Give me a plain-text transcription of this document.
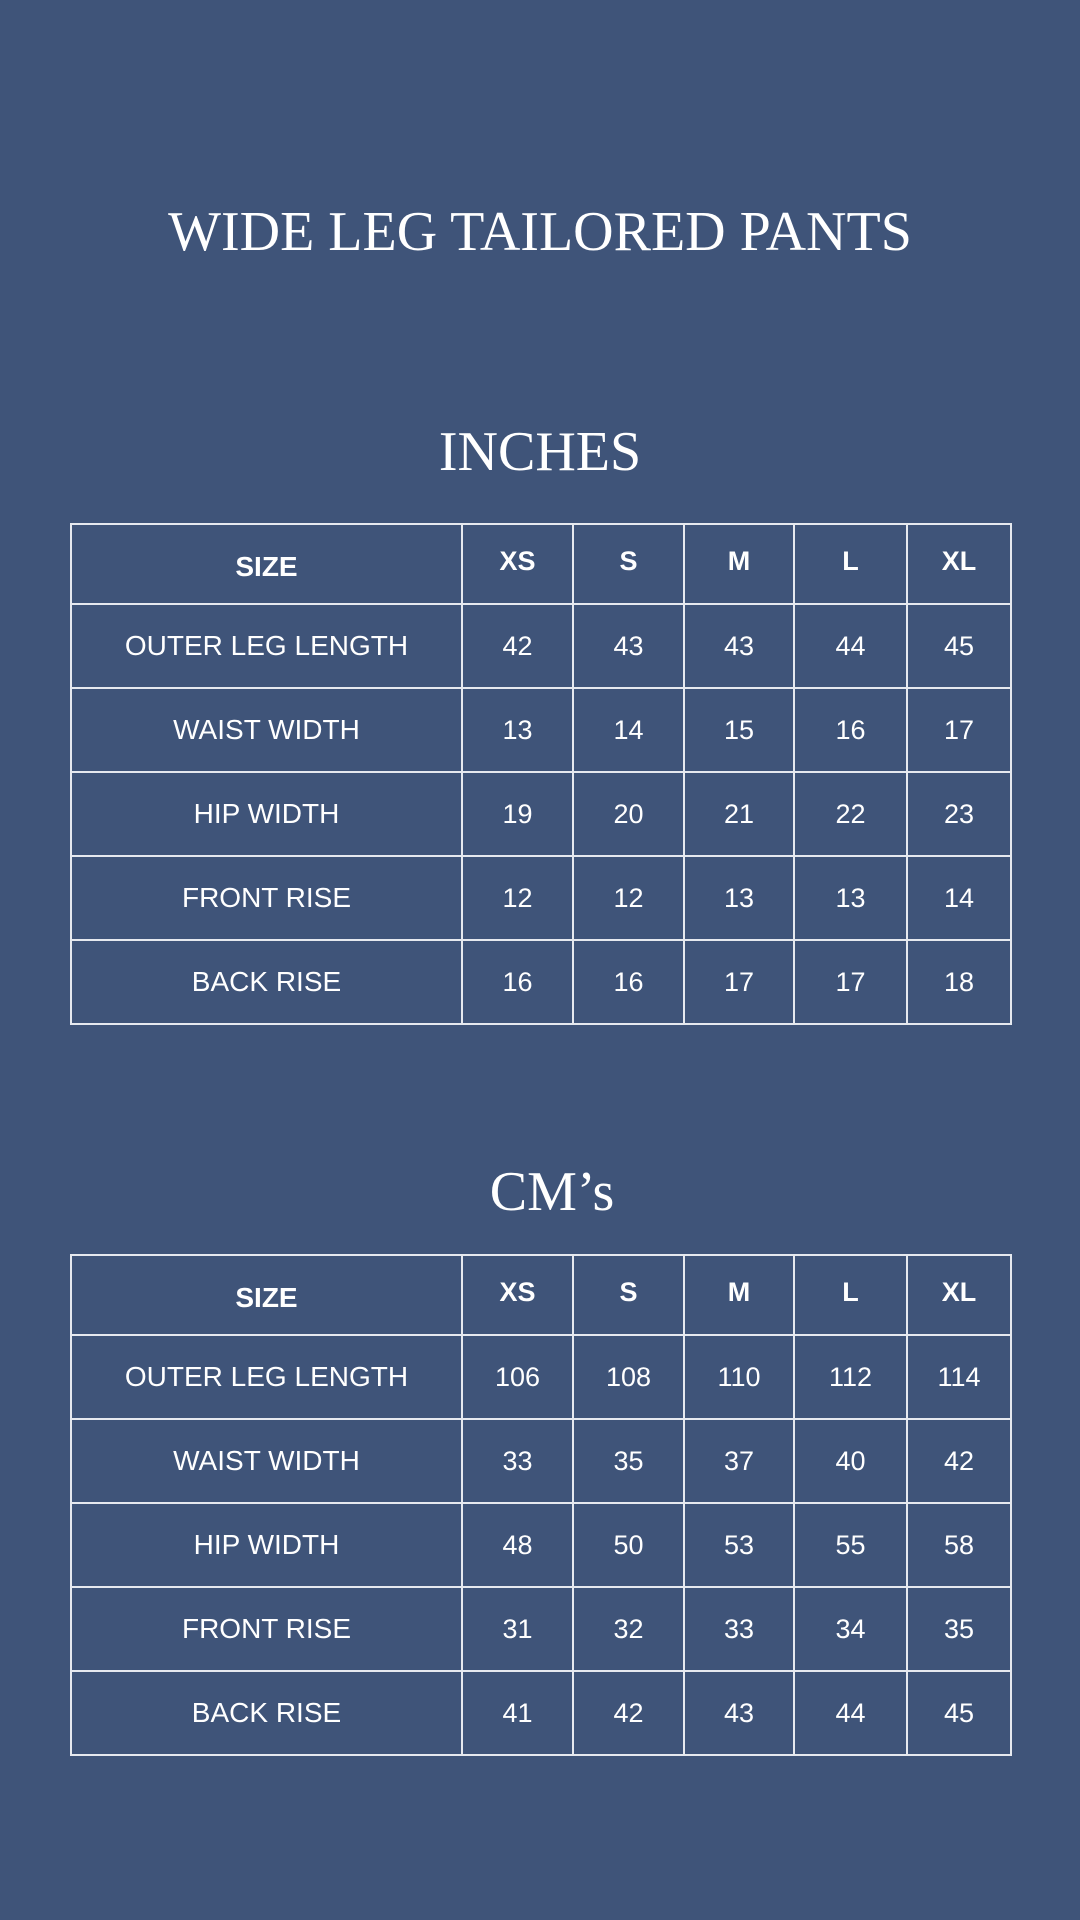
WIDE LEG TAILORED PANTS
INCHES
SIZE	XS	S	M	L	XL
OUTER LEG LENGTH	42	43	43	44	45
WAIST WIDTH	13	14	15	16	17
HIP WIDTH	19	20	21	22	23
FRONT RISE	12	12	13	13	14
BACK RISE	16	16	17	17	18
CM’s
SIZE	XS	S	M	L	XL
OUTER LEG LENGTH	106	108	110	112	114
WAIST WIDTH	33	35	37	40	42
HIP WIDTH	48	50	53	55	58
FRONT RISE	31	32	33	34	35
BACK RISE	41	42	43	44	45
